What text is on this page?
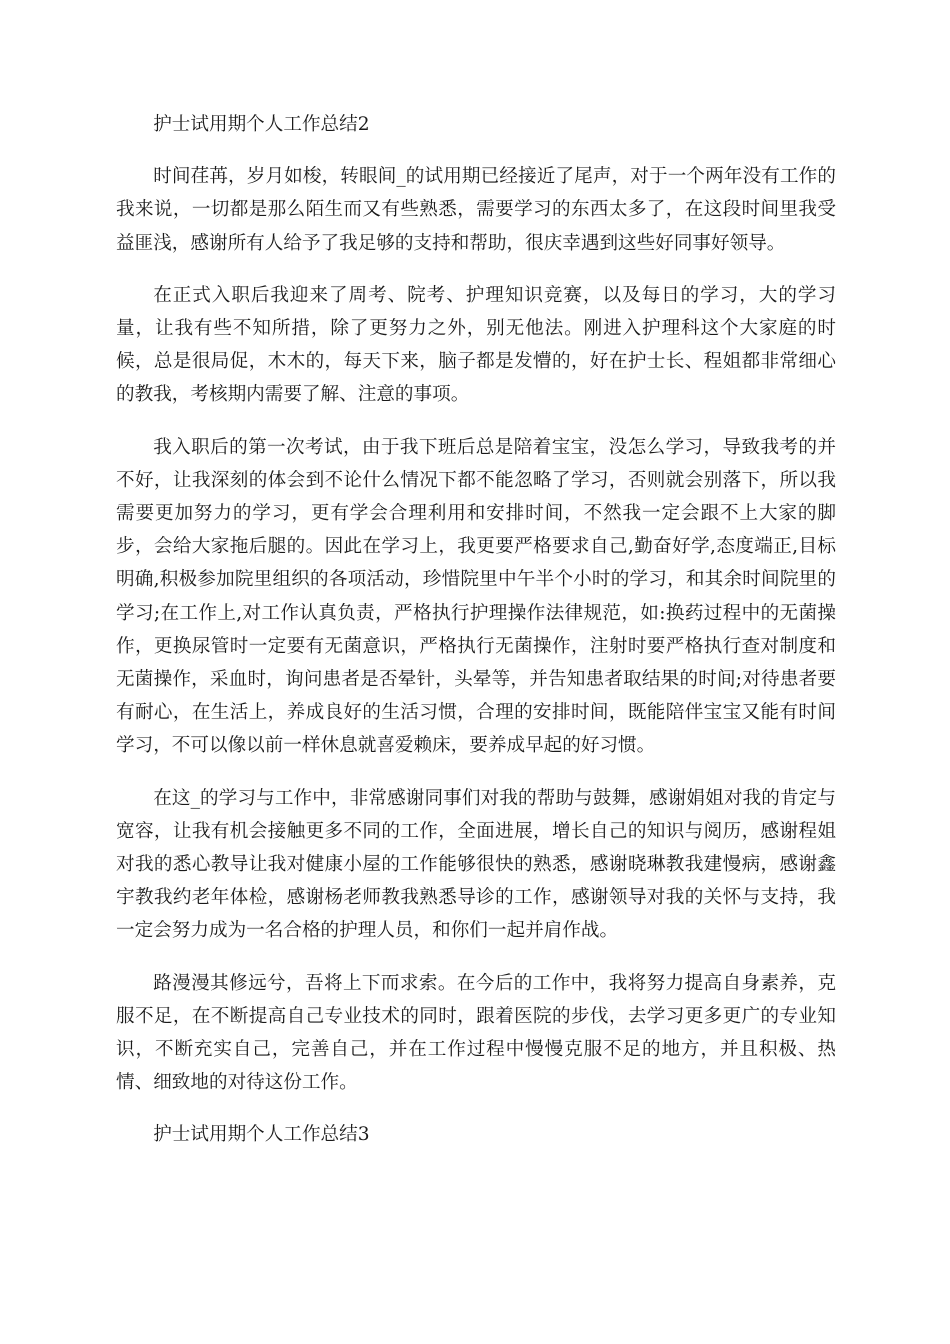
护士试用期个人工作总结2

时间荏苒，岁月如梭，转眼间_的试用期已经接近了尾声，对于一个两年没有工作的我来说，一切都是那么陌生而又有些熟悉，需要学习的东西太多了，在这段时间里我受益匪浅，感谢所有人给予了我足够的支持和帮助，很庆幸遇到这些好同事好领导。

在正式入职后我迎来了周考、院考、护理知识竞赛，以及每日的学习，大的学习量，让我有些不知所措，除了更努力之外，别无他法。刚进入护理科这个大家庭的时候，总是很局促，木木的，每天下来，脑子都是发懵的，好在护士长、程姐都非常细心的教我，考核期内需要了解、注意的事项。

我入职后的第一次考试，由于我下班后总是陪着宝宝，没怎么学习，导致我考的并不好，让我深刻的体会到不论什么情况下都不能忽略了学习，否则就会别落下，所以我需要更加努力的学习，更有学会合理利用和安排时间，不然我一定会跟不上大家的脚步，会给大家拖后腿的。因此在学习上，我更要严格要求自己,勤奋好学,态度端正,目标明确,积极参加院里组织的各项活动，珍惜院里中午半个小时的学习，和其余时间院里的学习;在工作上,对工作认真负责，严格执行护理操作法律规范，如:换药过程中的无菌操作，更换尿管时一定要有无菌意识，严格执行无菌操作，注射时要严格执行查对制度和无菌操作，采血时，询问患者是否晕针，头晕等，并告知患者取结果的时间;对待患者要有耐心，在生活上，养成良好的生活习惯，合理的安排时间，既能陪伴宝宝又能有时间学习，不可以像以前一样休息就喜爱赖床，要养成早起的好习惯。

在这_的学习与工作中，非常感谢同事们对我的帮助与鼓舞，感谢娟姐对我的肯定与宽容，让我有机会接触更多不同的工作，全面进展，增长自己的知识与阅历，感谢程姐对我的悉心教导让我对健康小屋的工作能够很快的熟悉，感谢晓琳教我建慢病，感谢鑫宇教我约老年体检，感谢杨老师教我熟悉导诊的工作，感谢领导对我的关怀与支持，我一定会努力成为一名合格的护理人员，和你们一起并肩作战。

路漫漫其修远兮，吾将上下而求索。在今后的工作中，我将努力提高自身素养，克服不足，在不断提高自己专业技术的同时，跟着医院的步伐，去学习更多更广的专业知识，不断充实自己，完善自己，并在工作过程中慢慢克服不足的地方，并且积极、热情、细致地的对待这份工作。

护士试用期个人工作总结3
